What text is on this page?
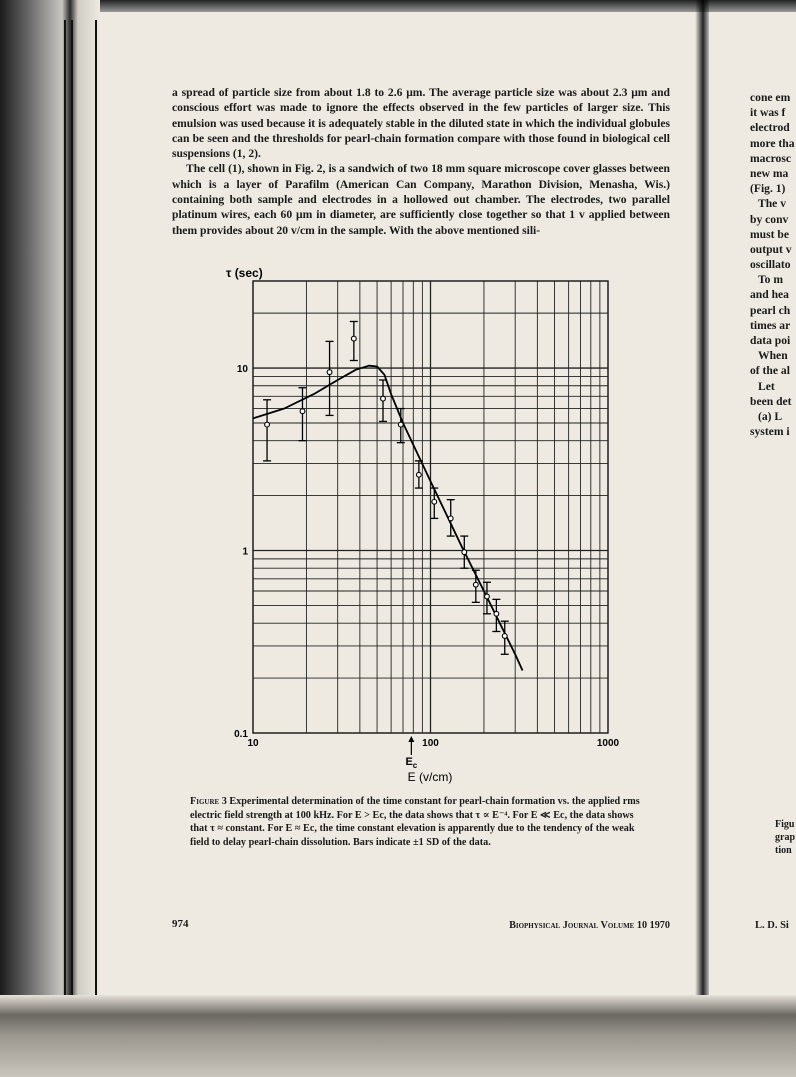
a spread of particle size from about 1.8 to 2.6 μm. The average particle size was about 2.3 μm and conscious effort was made to ignore the effects observed in the few particles of larger size. This emulsion was used because it is adequately stable in the diluted state in which the individual globules can be seen and the thresholds for pearl-chain formation compare with those found in biological cell suspensions (1, 2).

The cell (1), shown in Fig. 2, is a sandwich of two 18 mm square microscope cover glasses between which is a layer of Parafilm (American Can Company, Marathon Division, Menasha, Wis.) containing both sample and electrodes in a hollowed out chamber. The electrodes, two parallel platinum wires, each 60 μm in diameter, are sufficiently close together so that 1 v applied between them provides about 20 v/cm in the sample. With the above mentioned sili-

τ (sec)
E (v/cm)
10	100	1000
0.1
1
10
$E_c$

Figure 3 Experimental determination of the time constant for pearl-chain formation vs. the applied rms electric field strength at 100 kHz. For E > Ec, the data shows that τ ∝ E⁻⁴. For E ≪ Ec, the data shows that τ ≈ constant. For E ≈ Ec, the time constant elevation is apparently due to the tendency of the weak field to delay pearl-chain dissolution. Bars indicate ±1 SD of the data.

974	Biophysical Journal Volume 10 1970
cone em
it was f
electrod
more tha
macrosc
new ma
(Fig. 1)
The v
by conv
must be
output v
oscillato
To m
and hea
pearl ch
times ar
data poi
When
of the al
Let
been det
(a) L
system i
Figu
grap
tion
L. D. Si
